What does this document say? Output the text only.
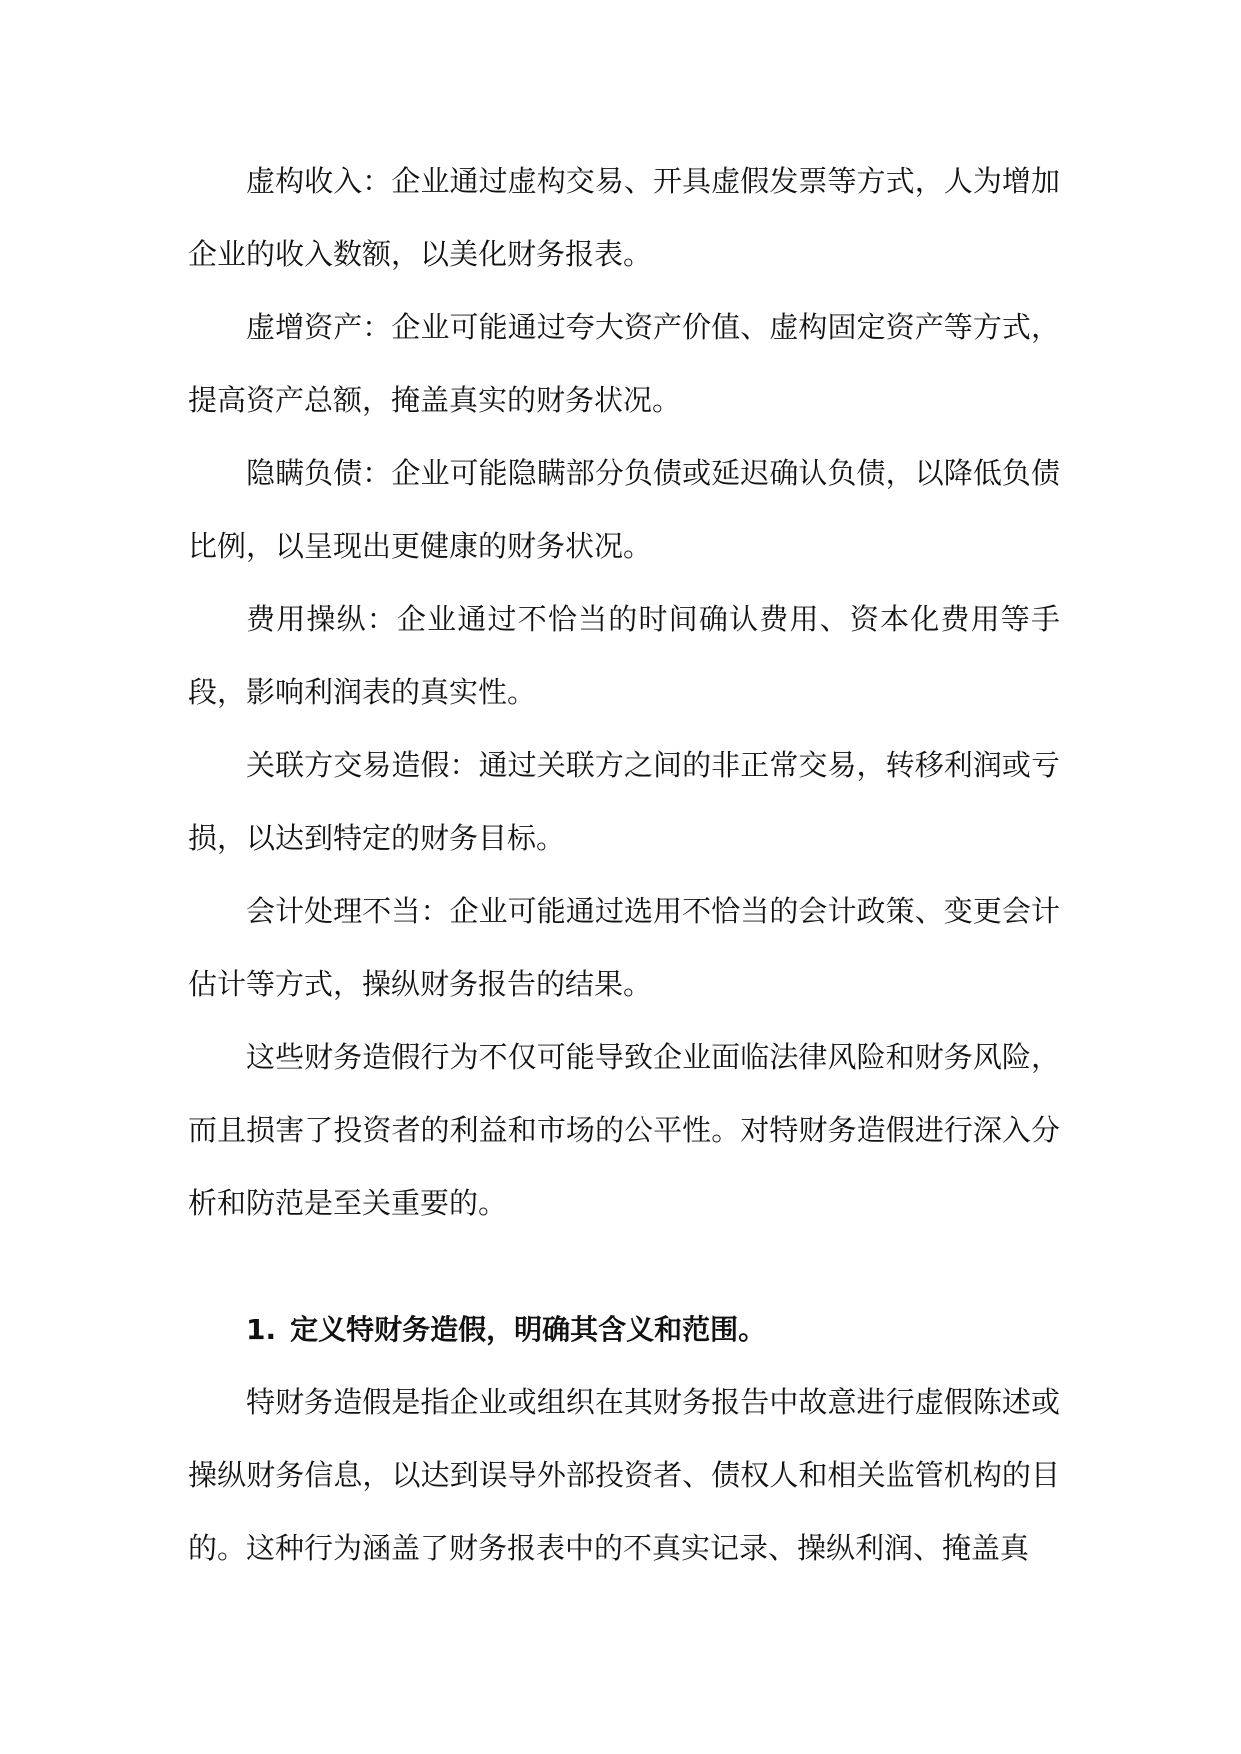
虚构收入：企业通过虚构交易、开具虚假发票等方式，人为增加企业的收入数额，以美化财务报表。

虚增资产：企业可能通过夸大资产价值、虚构固定资产等方式，提高资产总额，掩盖真实的财务状况。

隐瞒负债：企业可能隐瞒部分负债或延迟确认负债，以降低负债比例，以呈现出更健康的财务状况。

费用操纵：企业通过不恰当的时间确认费用、资本化费用等手段，影响利润表的真实性。

关联方交易造假：通过关联方之间的非正常交易，转移利润或亏损，以达到特定的财务目标。

会计处理不当：企业可能通过选用不恰当的会计政策、变更会计估计等方式，操纵财务报告的结果。

这些财务造假行为不仅可能导致企业面临法律风险和财务风险，而且损害了投资者的利益和市场的公平性。对特财务造假进行深入分析和防范是至关重要的。

1. 定义特财务造假，明确其含义和范围。

特财务造假是指企业或组织在其财务报告中故意进行虚假陈述或操纵财务信息，以达到误导外部投资者、债权人和相关监管机构的目的。这种行为涵盖了财务报表中的不真实记录、操纵利润、掩盖真
